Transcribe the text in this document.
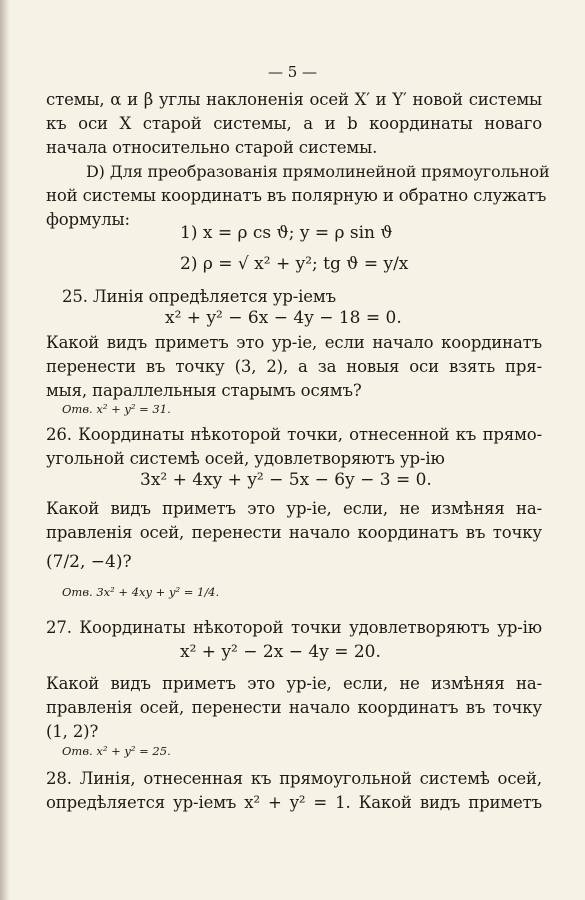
— 5 —
стемы, α и β углы наклоненія осей X′ и Y′ новой системы
къ оси X старой системы, a и b координаты новаго
начала относительно старой системы.
D) Для преобразованія прямолинейной прямоугольной
ной системы координатъ въ полярную и обратно служатъ
формулы:
1) x = ρ cs ϑ; y = ρ sin ϑ
2) ρ = √ x² + y²; tg ϑ = y/x
25. Линія опредѣляется ур-іемъ
x² + y² − 6x − 4y − 18 = 0.
Какой видъ приметъ это ур-іе, если начало координатъ
перенести въ точку (3, 2), а за новыя оси взять пря-
мыя, параллельныя старымъ осямъ?
Отв. x² + y² = 31.
26. Координаты нѣкоторой точки, отнесенной къ прямо-
угольной системѣ осей, удовлетворяютъ ур-ію
3x² + 4xy + y² − 5x − 6y − 3 = 0.
Какой видъ приметъ это ур-іе, если, не измѣняя на-
правленія осей, перенести начало координатъ въ точку
(7/2, −4)?
Отв. 3x² + 4xy + y² = 1/4.
27. Координаты нѣкоторой точки удовлетворяютъ ур-ію
x² + y² − 2x − 4y = 20.
Какой видъ приметъ это ур-іе, если, не измѣняя на-
правленія осей, перенести начало координатъ въ точку
(1, 2)?
Отв. x² + y² = 25.
28. Линія, отнесенная къ прямоугольной системѣ осей,
опредѣляется ур-іемъ x² + y² = 1. Какой видъ приметъ
